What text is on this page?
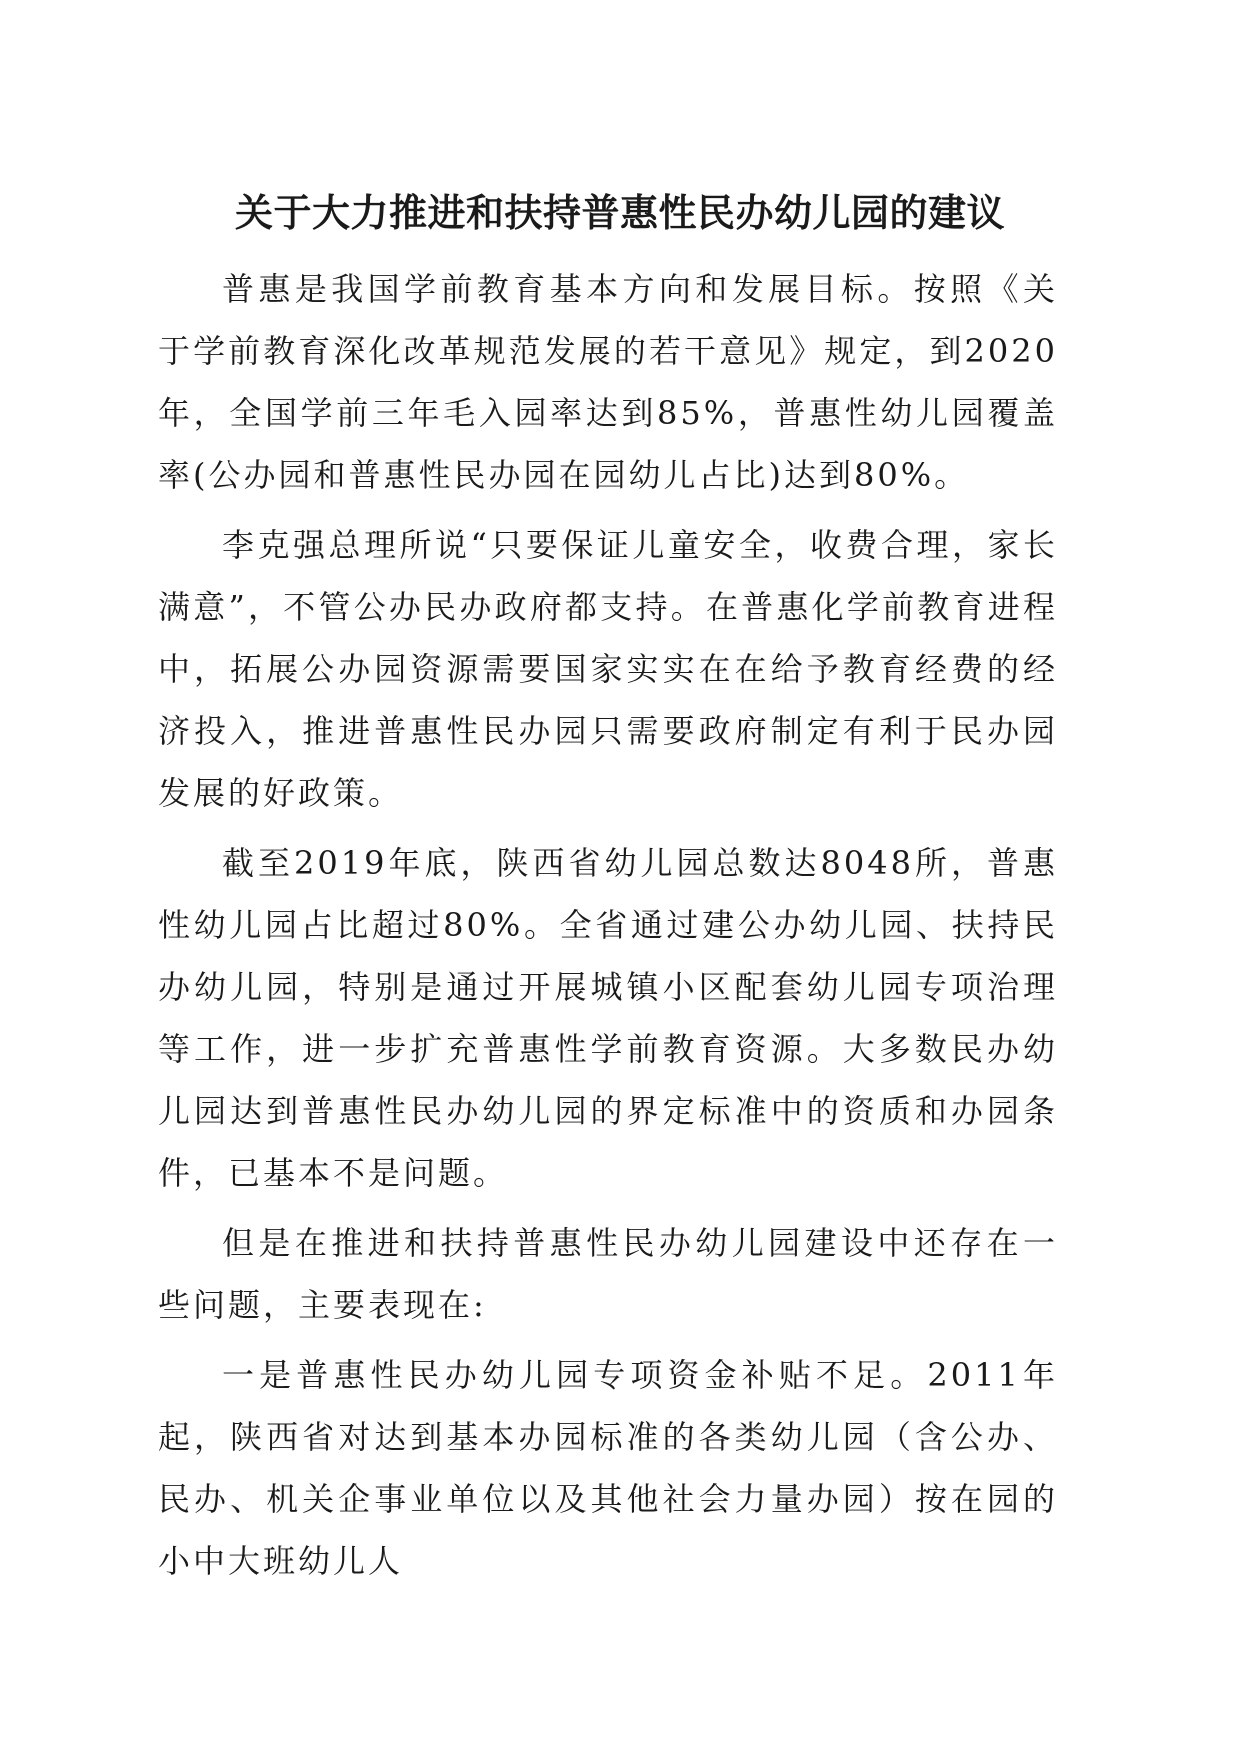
关于大力推进和扶持普惠性民办幼儿园的建议

普惠是我国学前教育基本方向和发展目标。按照《关于学前教育深化改革规范发展的若干意见》规定，到2020年，全国学前三年毛入园率达到85%，普惠性幼儿园覆盖率(公办园和普惠性民办园在园幼儿占比)达到80%。

李克强总理所说“只要保证儿童安全，收费合理，家长满意”，不管公办民办政府都支持。在普惠化学前教育进程中，拓展公办园资源需要国家实实在在给予教育经费的经济投入，推进普惠性民办园只需要政府制定有利于民办园发展的好政策。

截至2019年底，陕西省幼儿园总数达8048所，普惠性幼儿园占比超过80%。全省通过建公办幼儿园、扶持民办幼儿园，特别是通过开展城镇小区配套幼儿园专项治理等工作，进一步扩充普惠性学前教育资源。大多数民办幼儿园达到普惠性民办幼儿园的界定标准中的资质和办园条件，已基本不是问题。

但是在推进和扶持普惠性民办幼儿园建设中还存在一些问题，主要表现在:

一是普惠性民办幼儿园专项资金补贴不足。2011年起，陕西省对达到基本办园标准的各类幼儿园（含公办、民办、机关企事业单位以及其他社会力量办园）按在园的小中大班幼儿人
